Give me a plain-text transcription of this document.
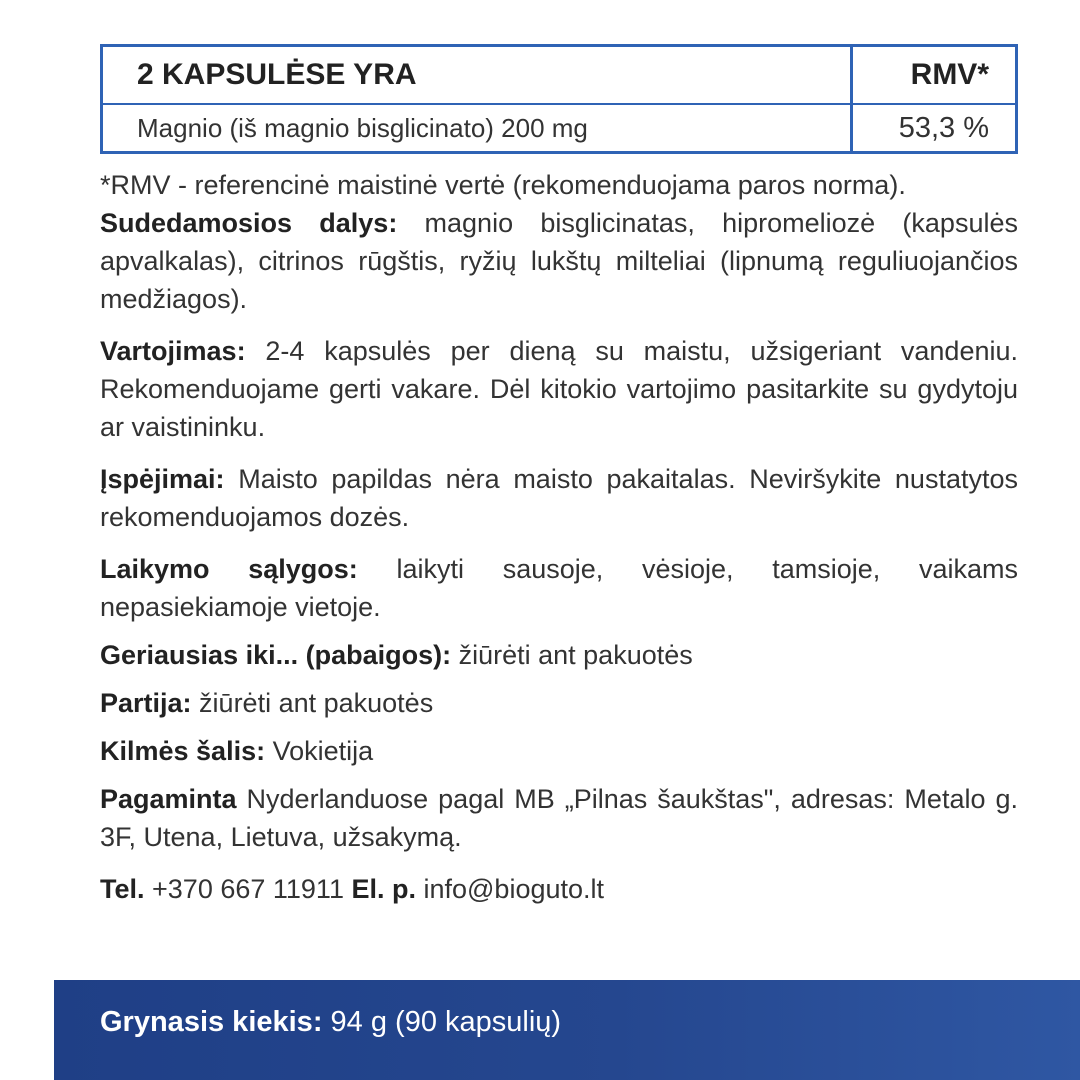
2 KAPSULĖSE YRA	RMV*
Magnio (iš magnio bisglicinato) 200 mg	53,3 %
*RMV - referencinė maistinė vertė (rekomenduojama paros norma).
Sudedamosios dalys: magnio bisglicinatas, hipromeliozė (kapsulės apvalkalas), citrinos rūgštis, ryžių lukštų milteliai (lipnumą reguliuojančios medžiagos).
Vartojimas: 2-4 kapsulės per dieną su maistu, užsigeriant vandeniu. Rekomenduojame gerti vakare. Dėl kitokio vartojimo pasitarkite su gydytoju ar vaistininku.
Įspėjimai: Maisto papildas nėra maisto pakaitalas. Neviršykite nustatytos rekomenduojamos dozės.
Laikymo sąlygos: laikyti sausoje, vėsioje, tamsioje, vaikams nepasiekiamoje vietoje.
Geriausias iki... (pabaigos): žiūrėti ant pakuotės
Partija: žiūrėti ant pakuotės
Kilmės šalis: Vokietija
Pagaminta Nyderlanduose pagal MB „Pilnas šaukštas", adresas: Metalo g. 3F, Utena, Lietuva, užsakymą.
Tel. +370 667 11911 El. p. info@bioguto.lt
Grynasis kiekis: 94 g (90 kapsulių)
